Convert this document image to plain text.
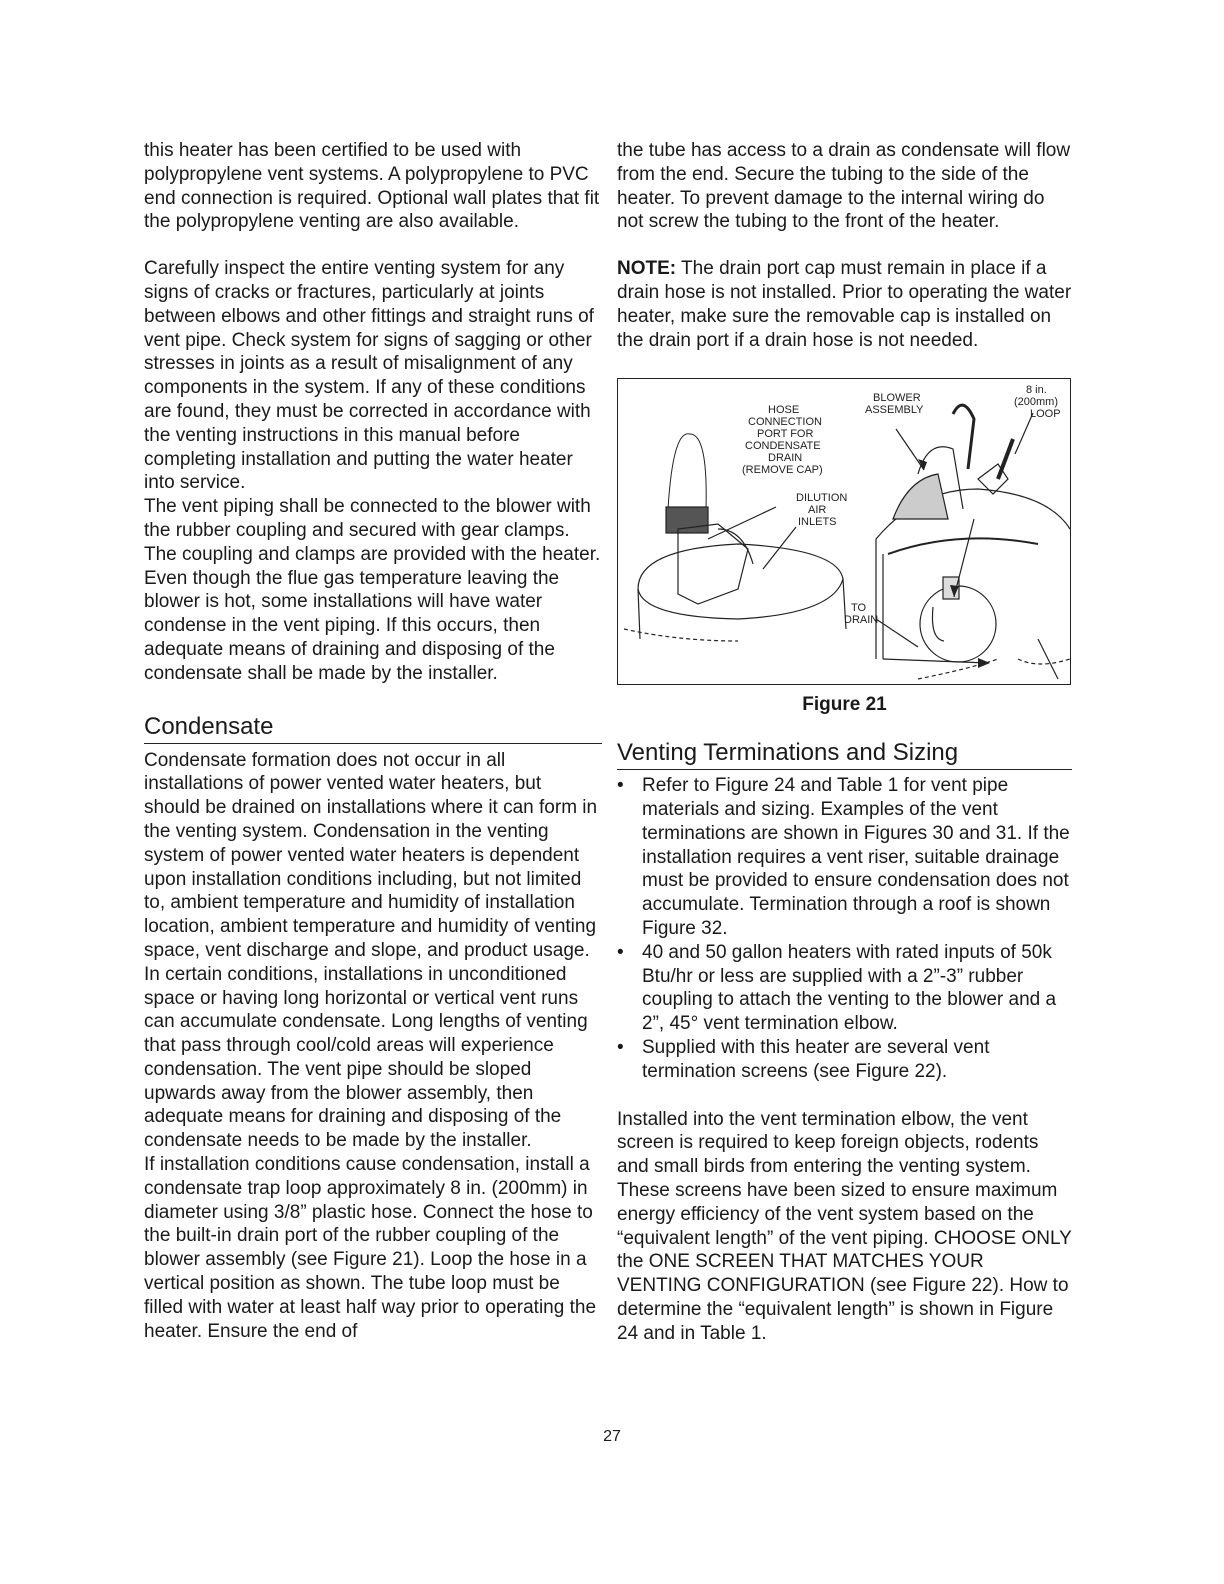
this heater has been certified to be used with polypropylene vent systems. A polypropylene to PVC end connection is required. Optional wall plates that fit the polypropylene venting are also available.

Carefully inspect the entire venting system for any signs of cracks or fractures, particularly at joints between elbows and other fittings and straight runs of vent pipe. Check system for signs of sagging or other stresses in joints as a result of misalignment of any components in the system. If any of these conditions are found, they must be corrected in accordance with the venting instructions in this manual before completing installation and putting the water heater into service.

The vent piping shall be connected to the blower with the rubber coupling and secured with gear clamps. The coupling and clamps are provided with the heater.

Even though the flue gas temperature leaving the blower is hot, some installations will have water condense in the vent piping. If this occurs, then adequate means of draining and disposing of the condensate shall be made by the installer.

Condensate

Condensate formation does not occur in all installations of power vented water heaters, but should be drained on installations where it can form in the venting system. Condensation in the venting system of power vented water heaters is dependent upon installation conditions including, but not limited to, ambient temperature and humidity of installation location, ambient temperature and humidity of venting space, vent discharge and slope, and product usage. In certain conditions, installations in unconditioned space or having long horizontal or vertical vent runs can accumulate condensate. Long lengths of venting that pass through cool/cold areas will experience condensation. The vent pipe should be sloped upwards away from the blower assembly, then adequate means for draining and disposing of the condensate needs to be made by the installer.

If installation conditions cause condensation, install a condensate trap loop approximately 8 in. (200mm) in diameter using 3/8” plastic hose. Connect the hose to the built-in drain port of the rubber coupling of the blower assembly (see Figure 21). Loop the hose in a vertical position as shown. The tube loop must be filled with water at least half way prior to operating the heater. Ensure the end of

the tube has access to a drain as condensate will flow from the end. Secure the tubing to the side of the heater. To prevent damage to the internal wiring do not screw the tubing to the front of the heater.

NOTE: The drain port cap must remain in place if a drain hose is not installed. Prior to operating the water heater, make sure the removable cap is installed on the drain port if a drain hose is not needed.

BLOWER
ASSEMBLY
8 in.
(200mm)
LOOP
HOSE
CONNECTION
PORT FOR
CONDENSATE
DRAIN
(REMOVE CAP)
DILUTION
AIR
INLETS
TO
DRAIN
Figure 21
Venting Terminations and Sizing
• Refer to Figure 24 and Table 1 for vent pipe materials and sizing. Examples of the vent terminations are shown in Figures 30 and 31. If the installation requires a vent riser, suitable drainage must be provided to ensure condensation does not accumulate. Termination through a roof is shown Figure 32.
• 40 and 50 gallon heaters with rated inputs of 50k Btu/hr or less are supplied with a 2”-3” rubber coupling to attach the venting to the blower and a 2”, 45° vent termination elbow.
• Supplied with this heater are several vent termination screens (see Figure 22).

Installed into the vent termination elbow, the vent screen is required to keep foreign objects, rodents and small birds from entering the venting system. These screens have been sized to ensure maximum energy efficiency of the vent system based on the “equivalent length” of the vent piping. CHOOSE ONLY the ONE SCREEN THAT MATCHES YOUR VENTING CONFIGURATION (see Figure 22). How to determine the “equivalent length” is shown in Figure 24 and in Table 1.

27
